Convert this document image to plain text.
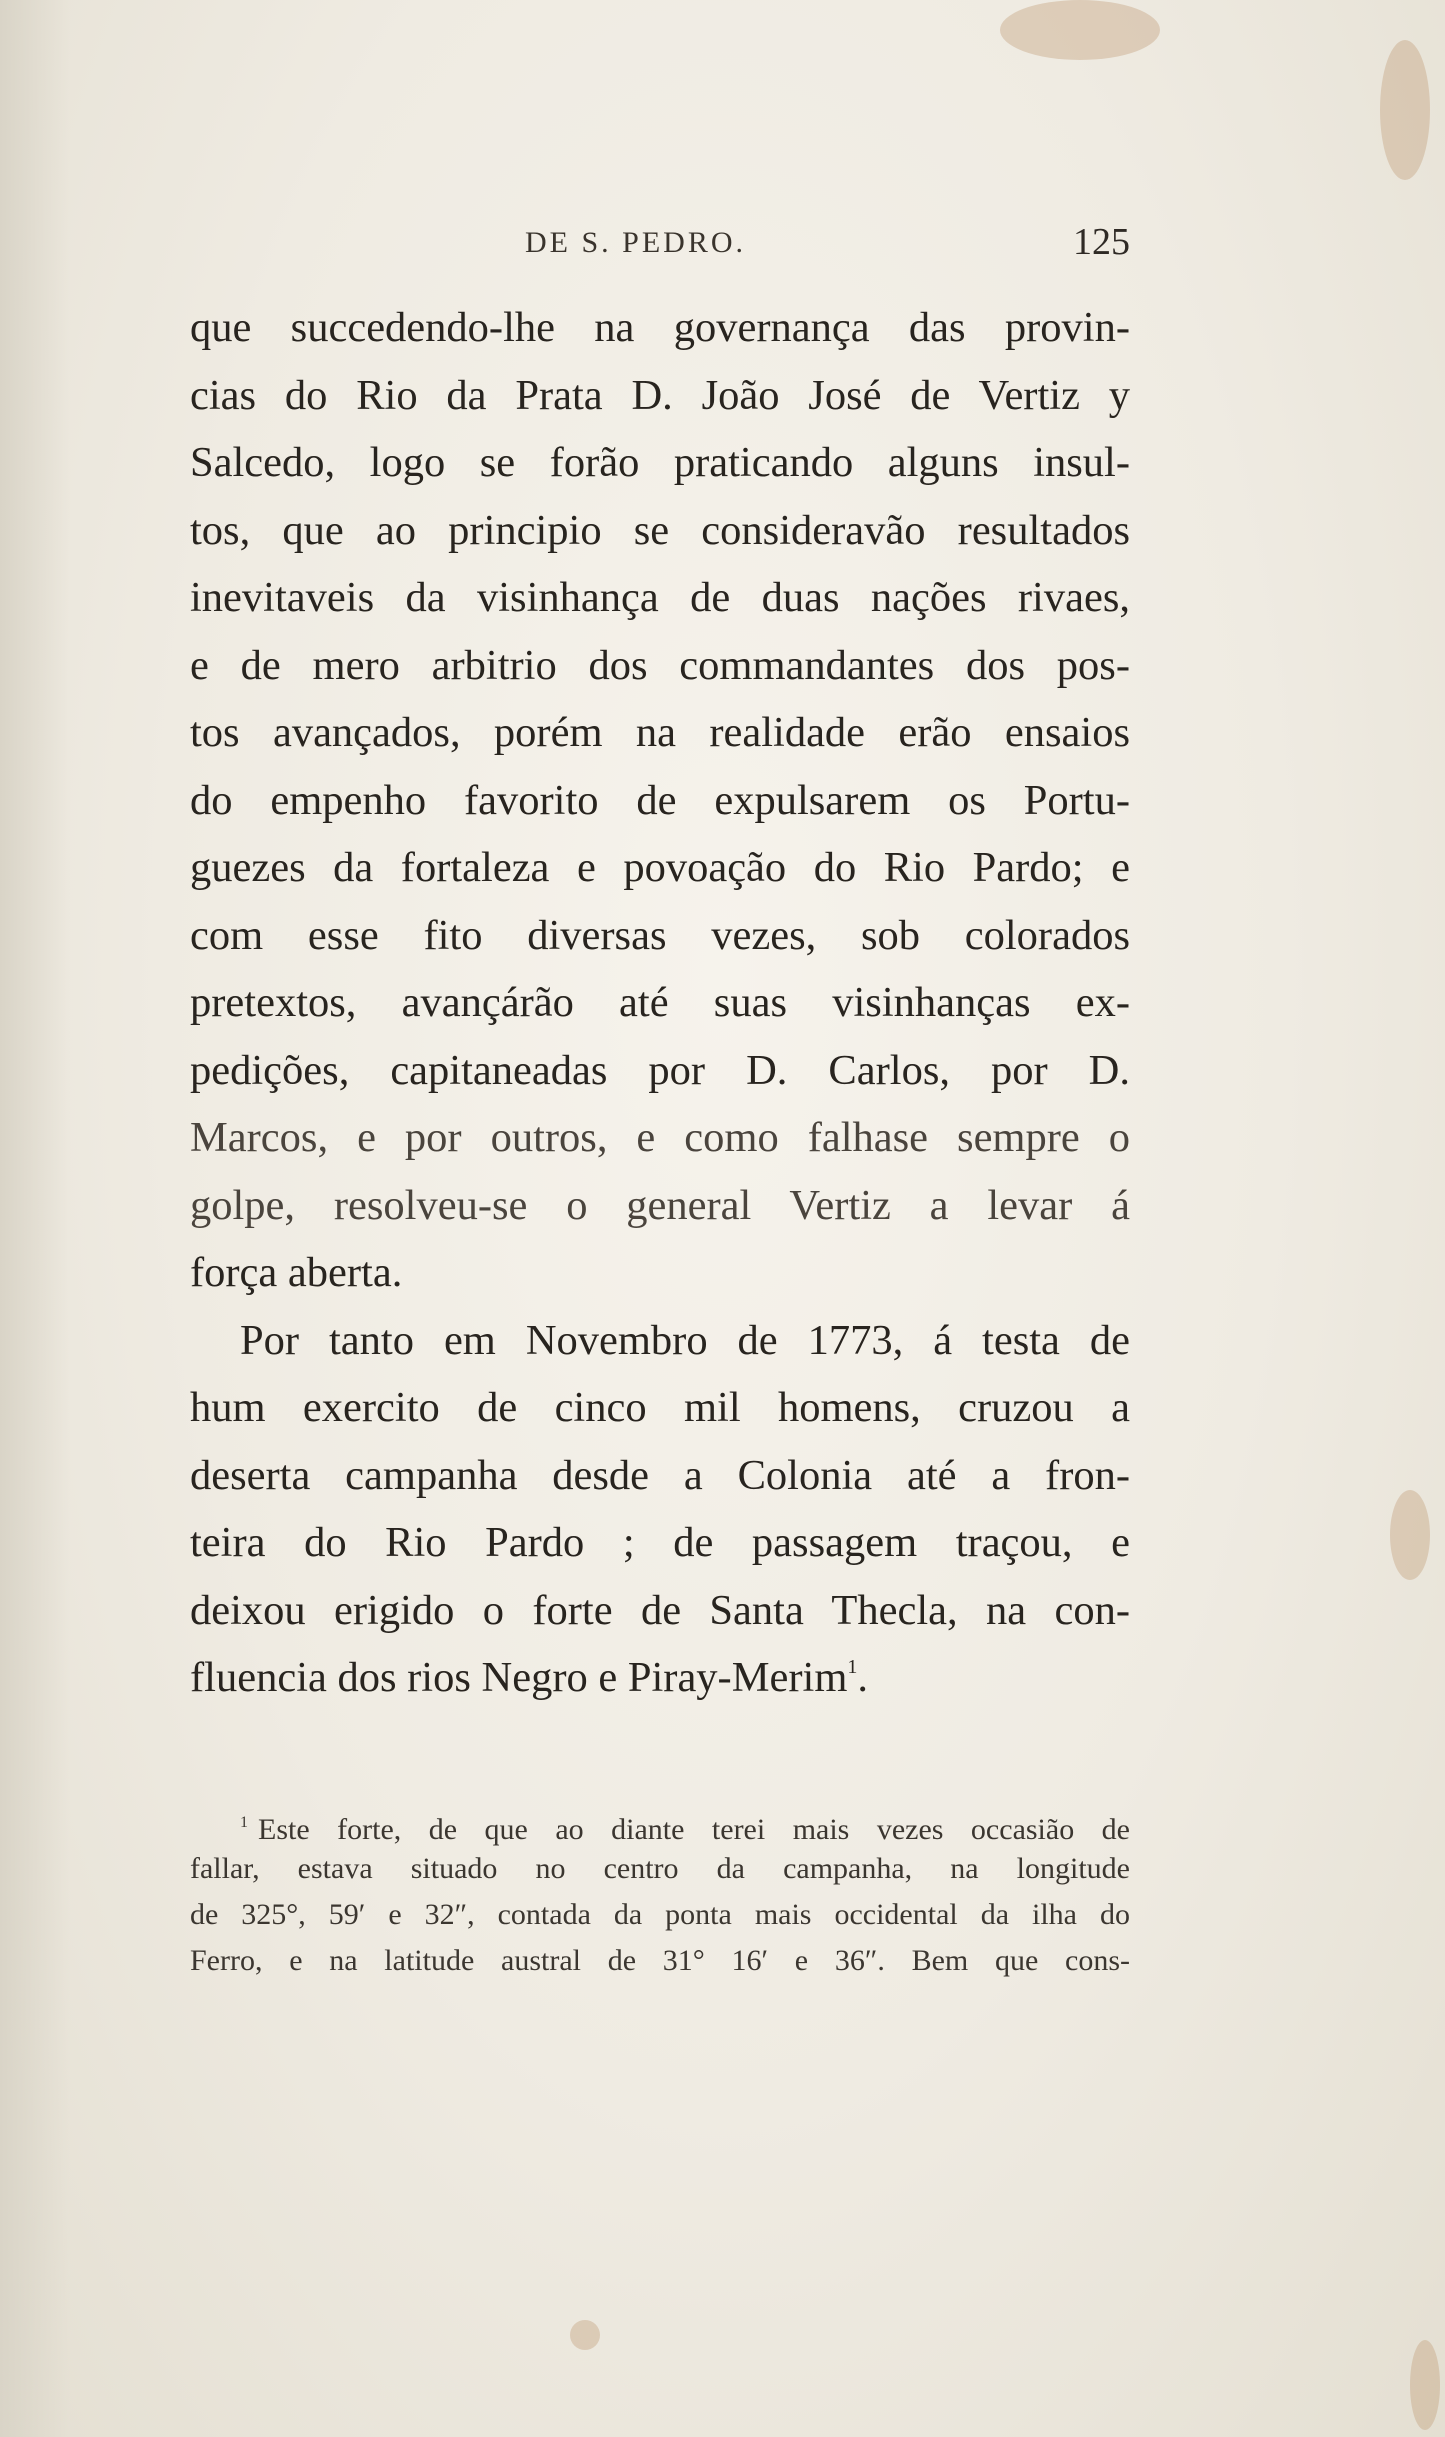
DE S. PEDRO.	125
que succedendo-lhe na governança das provin-
cias do Rio da Prata D. João José de Vertiz y
Salcedo, logo se forão praticando alguns insul-
tos, que ao principio se consideravão resultados
inevitaveis da visinhança de duas nações rivaes,
e de mero arbitrio dos commandantes dos pos-
tos avançados, porém na realidade erão ensaios
do empenho favorito de expulsarem os Portu-
guezes da fortaleza e povoação do Rio Pardo; e
com esse fito diversas vezes, sob colorados
pretextos, avançárão até suas visinhanças ex-
pedições, capitaneadas por D. Carlos, por D.
Marcos, e por outros, e como falhase sempre o
golpe, resolveu-se o general Vertiz a levar á
força aberta.
Por tanto em Novembro de 1773, á testa de
hum exercito de cinco mil homens, cruzou a
deserta campanha desde a Colonia até a fron-
teira do Rio Pardo ; de passagem traçou, e
deixou erigido o forte de Santa Thecla, na con-
fluencia dos rios Negro e Piray-Merim$^1$.
$^1$ Este forte, de que ao diante terei mais vezes occasião de
fallar, estava situado no centro da campanha, na longitude
de 325°, 59′ e 32″, contada da ponta mais occidental da ilha do
Ferro, e na latitude austral de 31° 16′ e 36″. Bem que cons-
